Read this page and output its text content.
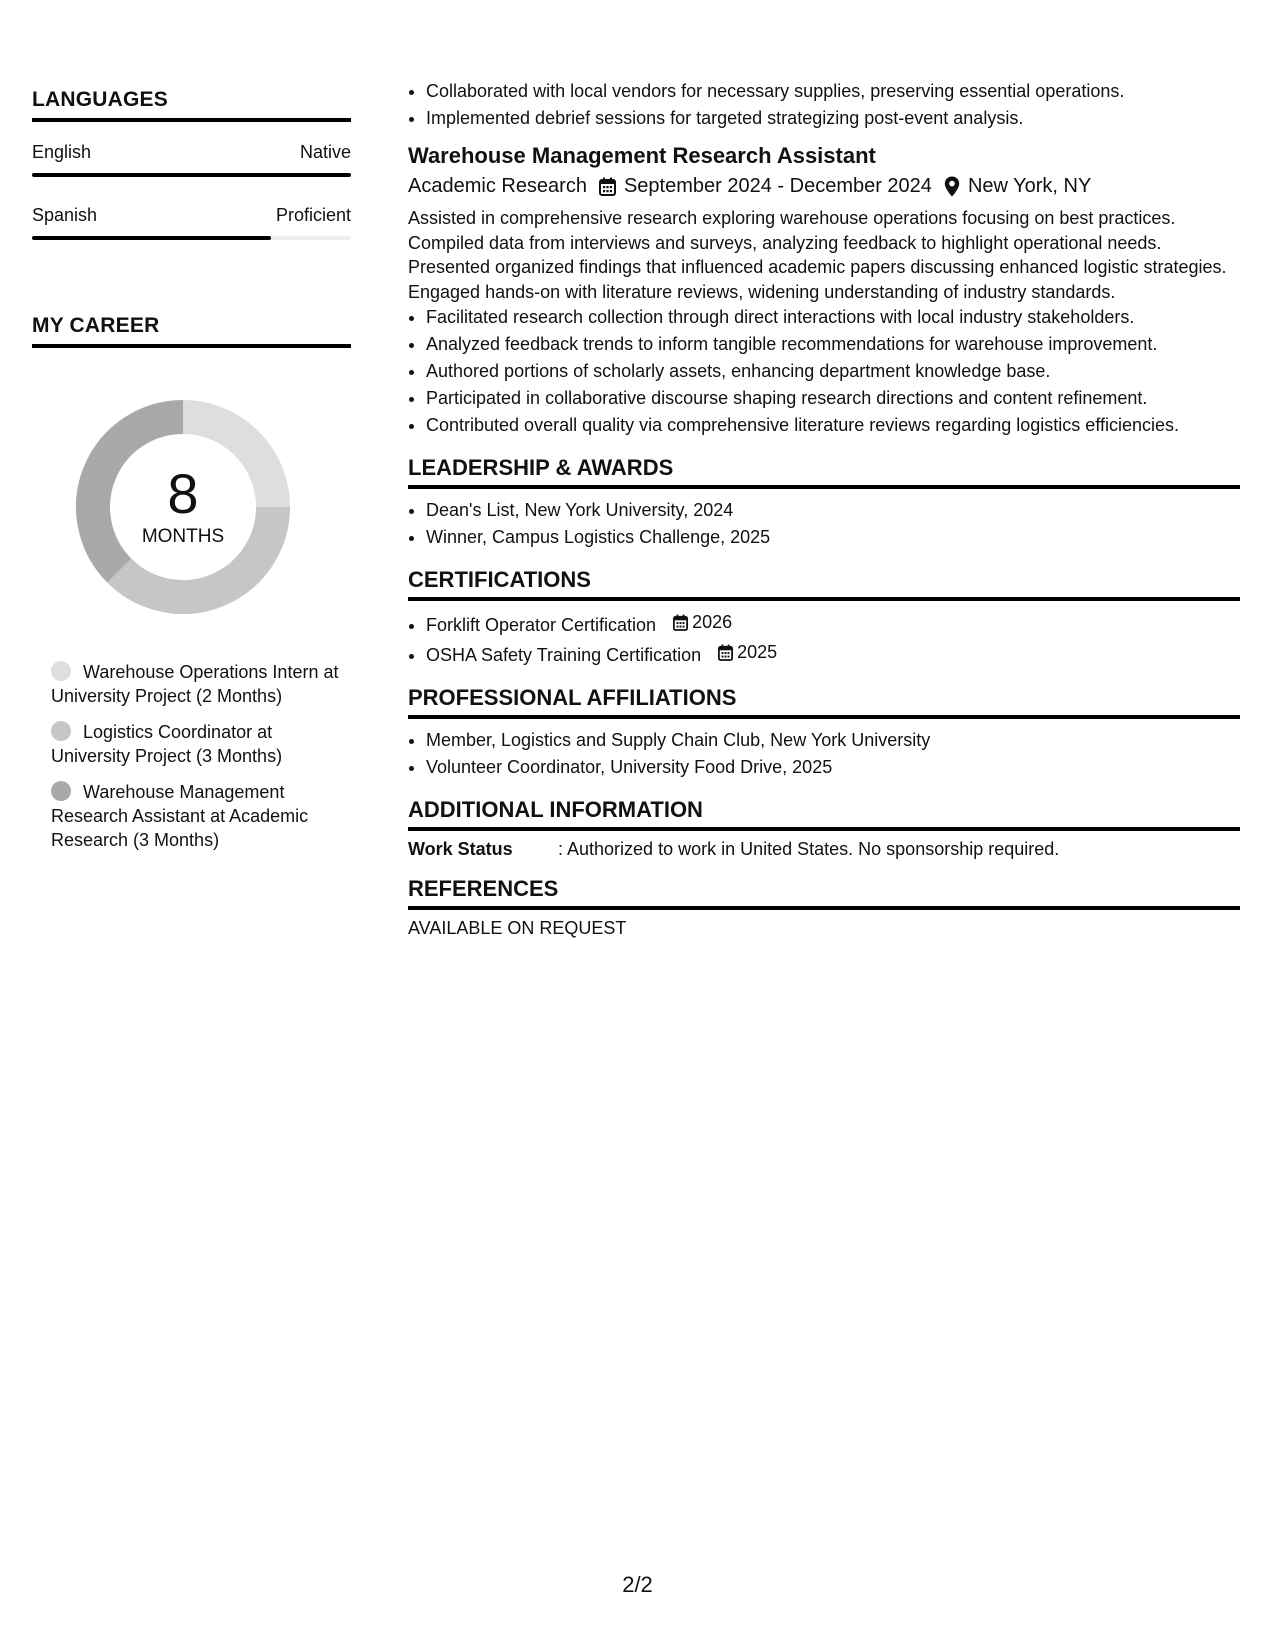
LANGUAGES
English	Native
Spanish	Proficient
MY CAREER
8
MONTHS
Warehouse Operations Intern at University Project (2 Months)
Logistics Coordinator at University Project (3 Months)
Warehouse Management Research Assistant at Academic Research (3 Months)
• Collaborated with local vendors for necessary supplies, preserving essential operations.
• Implemented debrief sessions for targeted strategizing post-event analysis.
Warehouse Management Research Assistant
Academic Research September 2024 - December 2024 New York, NY
Assisted in comprehensive research exploring warehouse operations focusing on best practices. Compiled data from interviews and surveys, analyzing feedback to highlight operational needs. Presented organized findings that influenced academic papers discussing enhanced logistic strategies. Engaged hands-on with literature reviews, widening understanding of industry standards.
• Facilitated research collection through direct interactions with local industry stakeholders.
• Analyzed feedback trends to inform tangible recommendations for warehouse improvement.
• Authored portions of scholarly assets, enhancing department knowledge base.
• Participated in collaborative discourse shaping research directions and content refinement.
• Contributed overall quality via comprehensive literature reviews regarding logistics efficiencies.
LEADERSHIP & AWARDS
• Dean's List, New York University, 2024
• Winner, Campus Logistics Challenge, 2025
CERTIFICATIONS
• Forklift Operator Certification 2026
• OSHA Safety Training Certification 2025
PROFESSIONAL AFFILIATIONS
• Member, Logistics and Supply Chain Club, New York University
• Volunteer Coordinator, University Food Drive, 2025
ADDITIONAL INFORMATION
Work Status	: Authorized to work in United States. No sponsorship required.
REFERENCES
AVAILABLE ON REQUEST
2/2
